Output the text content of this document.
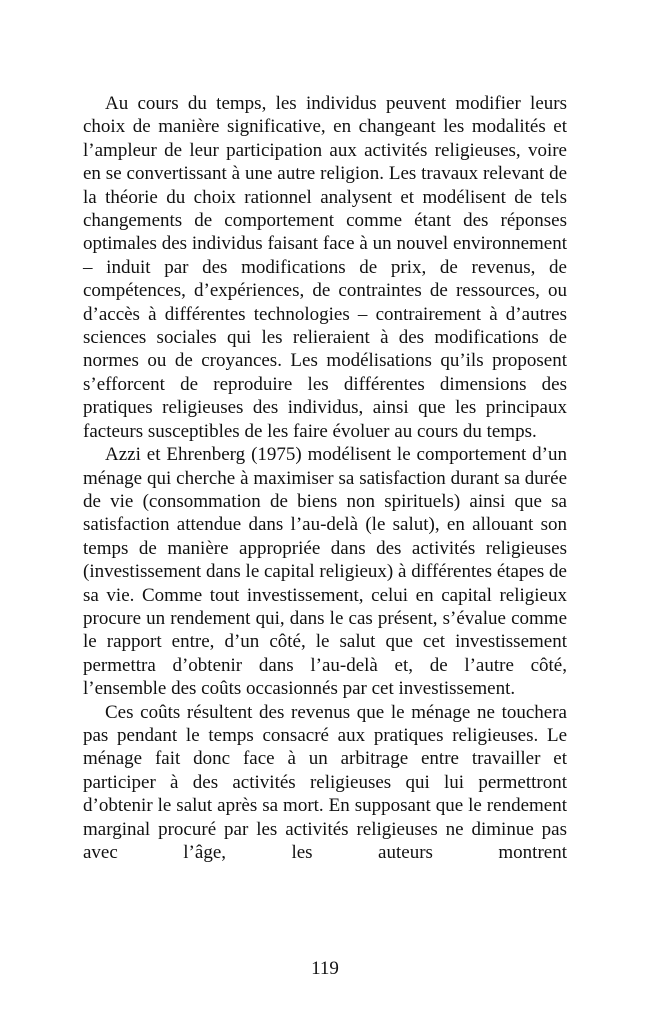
Au cours du temps, les individus peuvent modifier leurs choix de manière significative, en changeant les modalités et l’ampleur de leur participation aux activités religieuses, voire en se convertissant à une autre religion. Les travaux relevant de la théorie du choix rationnel analysent et modélisent de tels changements de comportement comme étant des réponses optimales des individus faisant face à un nouvel environnement – induit par des modifications de prix, de revenus, de compétences, d’expériences, de contraintes de ressources, ou d’accès à différentes technologies – contrairement à d’autres sciences sociales qui les relieraient à des modifications de normes ou de croyances. Les modélisations qu’ils proposent s’efforcent de reproduire les différentes dimensions des pratiques religieuses des individus, ainsi que les principaux facteurs susceptibles de les faire évoluer au cours du temps.

Azzi et Ehrenberg (1975) modélisent le comportement d’un ménage qui cherche à maximiser sa satisfaction durant sa durée de vie (consommation de biens non spirituels) ainsi que sa satisfaction attendue dans l’au-delà (le salut), en allouant son temps de manière appropriée dans des activités religieuses (investissement dans le capital religieux) à différentes étapes de sa vie. Comme tout investissement, celui en capital religieux procure un rendement qui, dans le cas présent, s’évalue comme le rapport entre, d’un côté, le salut que cet investissement permettra d’obtenir dans l’au-delà et, de l’autre côté, l’ensemble des coûts occasionnés par cet investissement.

Ces coûts résultent des revenus que le ménage ne touchera pas pendant le temps consacré aux pratiques religieuses. Le ménage fait donc face à un arbitrage entre travailler et participer à des activités religieuses qui lui permettront d’obtenir le salut après sa mort. En supposant que le rendement marginal procuré par les activités religieuses ne diminue pas avec l’âge, les auteurs montrent

119
